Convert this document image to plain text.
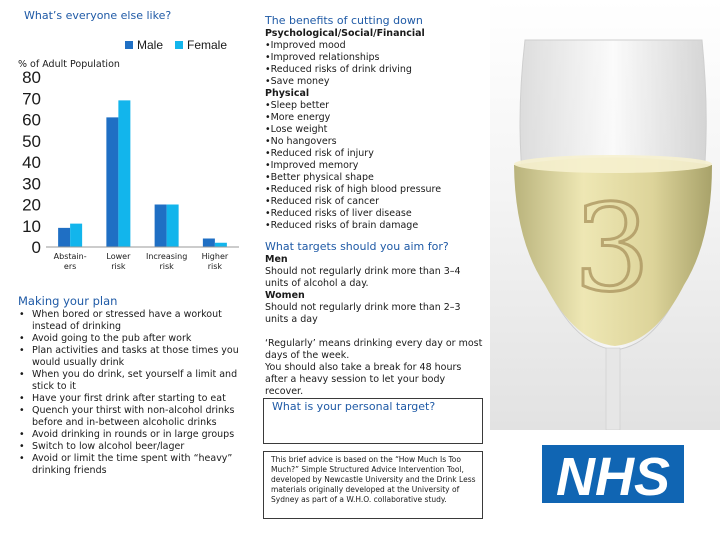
What’s everyone else like?
Male Female
% of Adult Population
0
10
20
30
40
50
60
70
80
Abstain-ers
Lower risk
Increasing risk
Higher risk
Making your plan
• When bored or stressed have a workout instead of drinking
• Avoid going to the pub after work
• Plan activities and tasks at those times you would usually drink
• When you do drink, set yourself a limit and stick to it
• Have your first drink after starting to eat
• Quench your thirst with non-alcohol drinks before and in-between alcoholic drinks
• Avoid drinking in rounds or in large groups
• Switch to low alcohol beer/lager
• Avoid or limit the time spent with “heavy” drinking friends
The benefits of cutting down
Psychological/Social/Financial
•Improved mood
•Improved relationships
•Reduced risks of drink driving
•Save money
Physical
•Sleep better
•More energy
•Lose weight
•No hangovers
•Reduced risk of injury
•Improved memory
•Better physical shape
•Reduced risk of high blood pressure
•Reduced risk of cancer
•Reduced risks of liver disease
•Reduced risks of brain damage
What targets should you aim for?
Men
Should not regularly drink more than 3–4 units of alcohol a day.
Women
Should not regularly drink more than 2–3 units a day
‘Regularly’ means drinking every day or most days of the week.
You should also take a break for 48 hours after a heavy session to let your body recover.
What is your personal target?
This brief advice is based on the “How Much Is Too Much?” Simple Structured Advice Intervention Tool, developed by Newcastle University and the Drink Less materials originally developed at the University of Sydney as part of a W.H.O. collaborative study.
3
NHS
